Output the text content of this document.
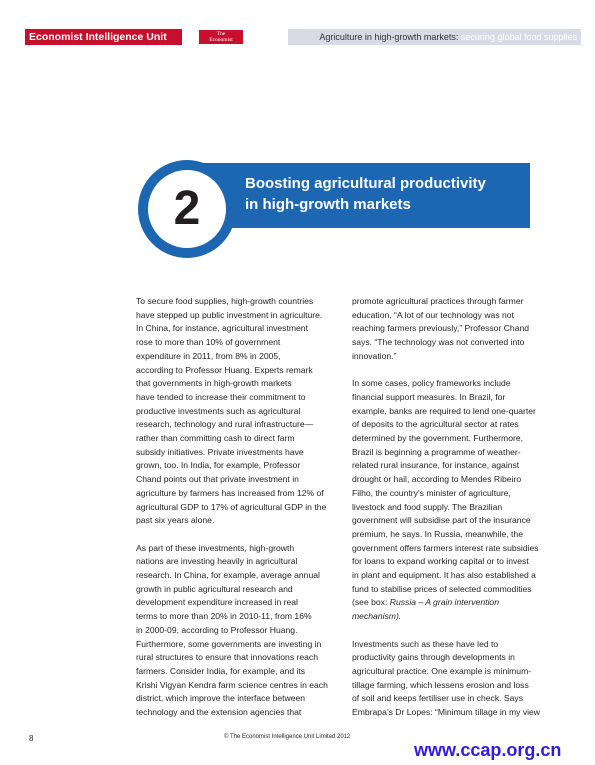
Economist Intelligence Unit	The
Economist	Agriculture in high-growth markets: securing global food supplies
2	Boosting agricultural productivity
in high-growth markets
To secure food supplies, high-growth countries
have stepped up public investment in agriculture.
In China, for instance, agricultural investment
rose to more than 10% of government
expenditure in 2011, from 8% in 2005,
according to Professor Huang. Experts remark
that governments in high-growth markets
have tended to increase their commitment to
productive investments such as agricultural
research, technology and rural infrastructure—
rather than committing cash to direct farm
subsidy initiatives. Private investments have
grown, too. In India, for example, Professor
Chand points out that private investment in
agriculture by farmers has increased from 12% of
agricultural GDP to 17% of agricultural GDP in the
past six years alone.
As part of these investments, high-growth
nations are investing heavily in agricultural
research. In China, for example, average annual
growth in public agricultural research and
development expenditure increased in real
terms to more than 20% in 2010-11, from 16%
in 2000-09, according to Professor Huang.
Furthermore, some governments are investing in
rural structures to ensure that innovations reach
farmers. Consider India, for example, and its
Krishi Vigyan Kendra farm science centres in each
district, which improve the interface between
technology and the extension agencies that
promote agricultural practices through farmer
education. “A lot of our technology was not
reaching farmers previously,” Professor Chand
says. “The technology was not converted into
innovation.”
In some cases, policy frameworks include
financial support measures. In Brazil, for
example, banks are required to lend one-quarter
of deposits to the agricultural sector at rates
determined by the government. Furthermore,
Brazil is beginning a programme of weather-
related rural insurance, for instance, against
drought or hail, according to Mendes Ribeiro
Filho, the country’s minister of agriculture,
livestock and food supply. The Brazilian
government will subsidise part of the insurance
premium, he says. In Russia, meanwhile, the
government offers farmers interest rate subsidies
for loans to expand working capital or to invest
in plant and equipment. It has also established a
fund to stabilise prices of selected commodities
(see box: Russia – A grain intervention
mechanism).
Investments such as these have led to
productivity gains through developments in
agricultural practice. One example is minimum-
tillage farming, which lessens erosion and loss
of soil and keeps fertiliser use in check. Says
Embrapa’s Dr Lopes: “Minimum tillage in my view
8	© The Economist Intelligence Unit Limited 2012
www.ccap.org.cn
